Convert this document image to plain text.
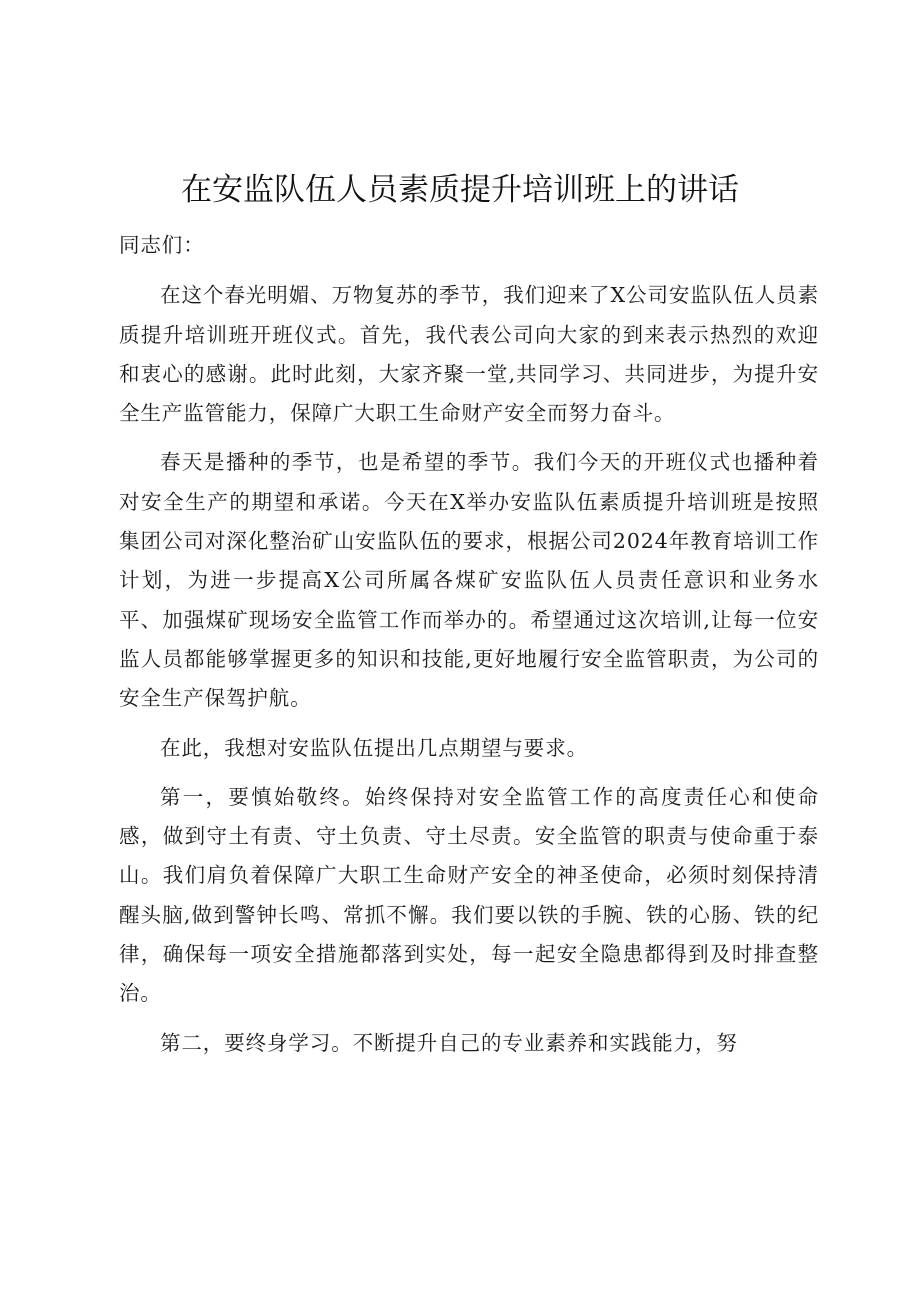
在安监队伍人员素质提升培训班上的讲话

同志们：

在这个春光明媚、万物复苏的季节，我们迎来了X公司安监队伍人员素质提升培训班开班仪式。首先，我代表公司向大家的到来表示热烈的欢迎和衷心的感谢。此时此刻，大家齐聚一堂,共同学习、共同进步，为提升安全生产监管能力，保障广大职工生命财产安全而努力奋斗。

春天是播种的季节，也是希望的季节。我们今天的开班仪式也播种着对安全生产的期望和承诺。今天在X举办安监队伍素质提升培训班是按照集团公司对深化整治矿山安监队伍的要求，根据公司2024年教育培训工作计划，为进一步提高X公司所属各煤矿安监队伍人员责任意识和业务水平、加强煤矿现场安全监管工作而举办的。希望通过这次培训,让每一位安监人员都能够掌握更多的知识和技能,更好地履行安全监管职责，为公司的安全生产保驾护航。

在此，我想对安监队伍提出几点期望与要求。

第一，要慎始敬终。始终保持对安全监管工作的高度责任心和使命感，做到守土有责、守土负责、守土尽责。安全监管的职责与使命重于泰山。我们肩负着保障广大职工生命财产安全的神圣使命，必须时刻保持清醒头脑,做到警钟长鸣、常抓不懈。我们要以铁的手腕、铁的心肠、铁的纪律，确保每一项安全措施都落到实处，每一起安全隐患都得到及时排查整治。

第二，要终身学习。不断提升自己的专业素养和实践能力，努
